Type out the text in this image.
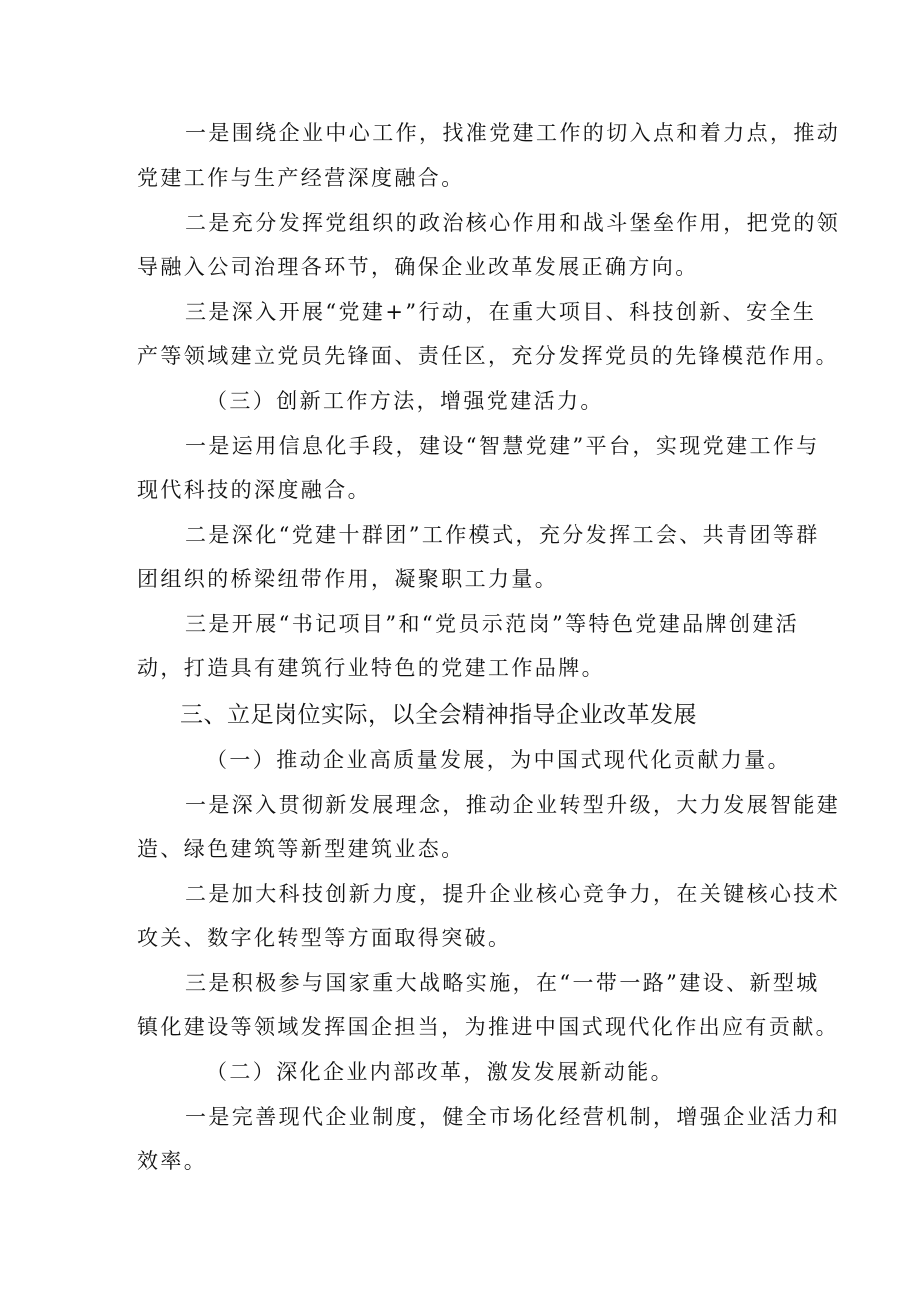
一是围绕企业中心工作，找准党建工作的切入点和着力点，推动

党建工作与生产经营深度融合。

二是充分发挥党组织的政治核心作用和战斗堡垒作用，把党的领

导融入公司治理各环节，确保企业改革发展正确方向。

三是深入开展“党建+”行动，在重大项目、科技创新、安全生

产等领域建立党员先锋面、责任区，充分发挥党员的先锋模范作用。

（三）创新工作方法，增强党建活力。

一是运用信息化手段，建设“智慧党建”平台，实现党建工作与

现代科技的深度融合。

二是深化“党建十群团”工作模式，充分发挥工会、共青团等群

团组织的桥梁纽带作用，凝聚职工力量。

三是开展“书记项目”和“党员示范岗”等特色党建品牌创建活

动，打造具有建筑行业特色的党建工作品牌。

三、立足岗位实际，以全会精神指导企业改革发展

（一）推动企业高质量发展，为中国式现代化贡献力量。

一是深入贯彻新发展理念，推动企业转型升级，大力发展智能建

造、绿色建筑等新型建筑业态。

二是加大科技创新力度，提升企业核心竞争力，在关键核心技术

攻关、数字化转型等方面取得突破。

三是积极参与国家重大战略实施，在“一带一路”建设、新型城

镇化建设等领域发挥国企担当，为推进中国式现代化作出应有贡献。

（二）深化企业内部改革，激发发展新动能。

一是完善现代企业制度，健全市场化经营机制，增强企业活力和

效率。
